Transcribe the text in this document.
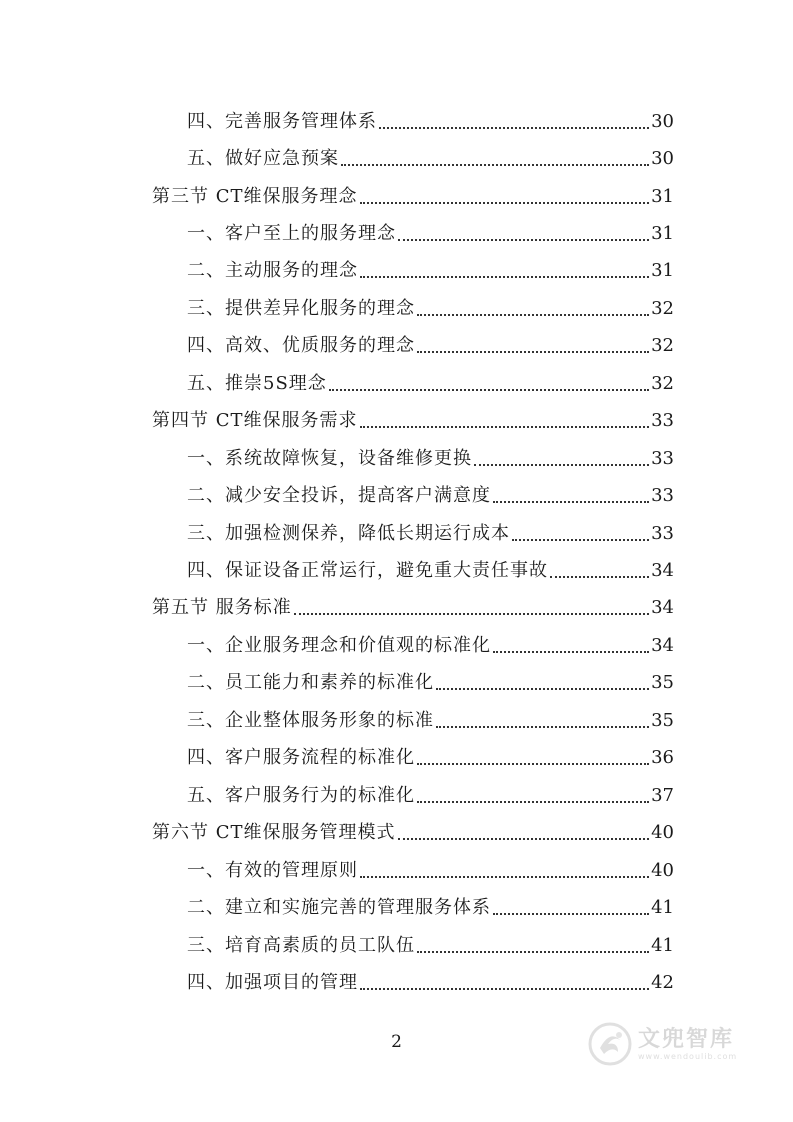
四、完善服务管理体系	30
五、做好应急预案	30
第三节 CT维保服务理念	31
一、客户至上的服务理念	31
二、主动服务的理念	31
三、提供差异化服务的理念	32
四、高效、优质服务的理念	32
五、推崇5S理念	32
第四节 CT维保服务需求	33
一、系统故障恢复，设备维修更换	33
二、减少安全投诉，提高客户满意度	33
三、加强检测保养，降低长期运行成本	33
四、保证设备正常运行，避免重大责任事故	34
第五节 服务标准	34
一、企业服务理念和价值观的标准化	34
二、员工能力和素养的标准化	35
三、企业整体服务形象的标准	35
四、客户服务流程的标准化	36
五、客户服务行为的标准化	37
第六节 CT维保服务管理模式	40
一、有效的管理原则	40
二、建立和实施完善的管理服务体系	41
三、培育高素质的员工队伍	41
四、加强项目的管理	42
2	文兜智库
www.wendoulib.com
